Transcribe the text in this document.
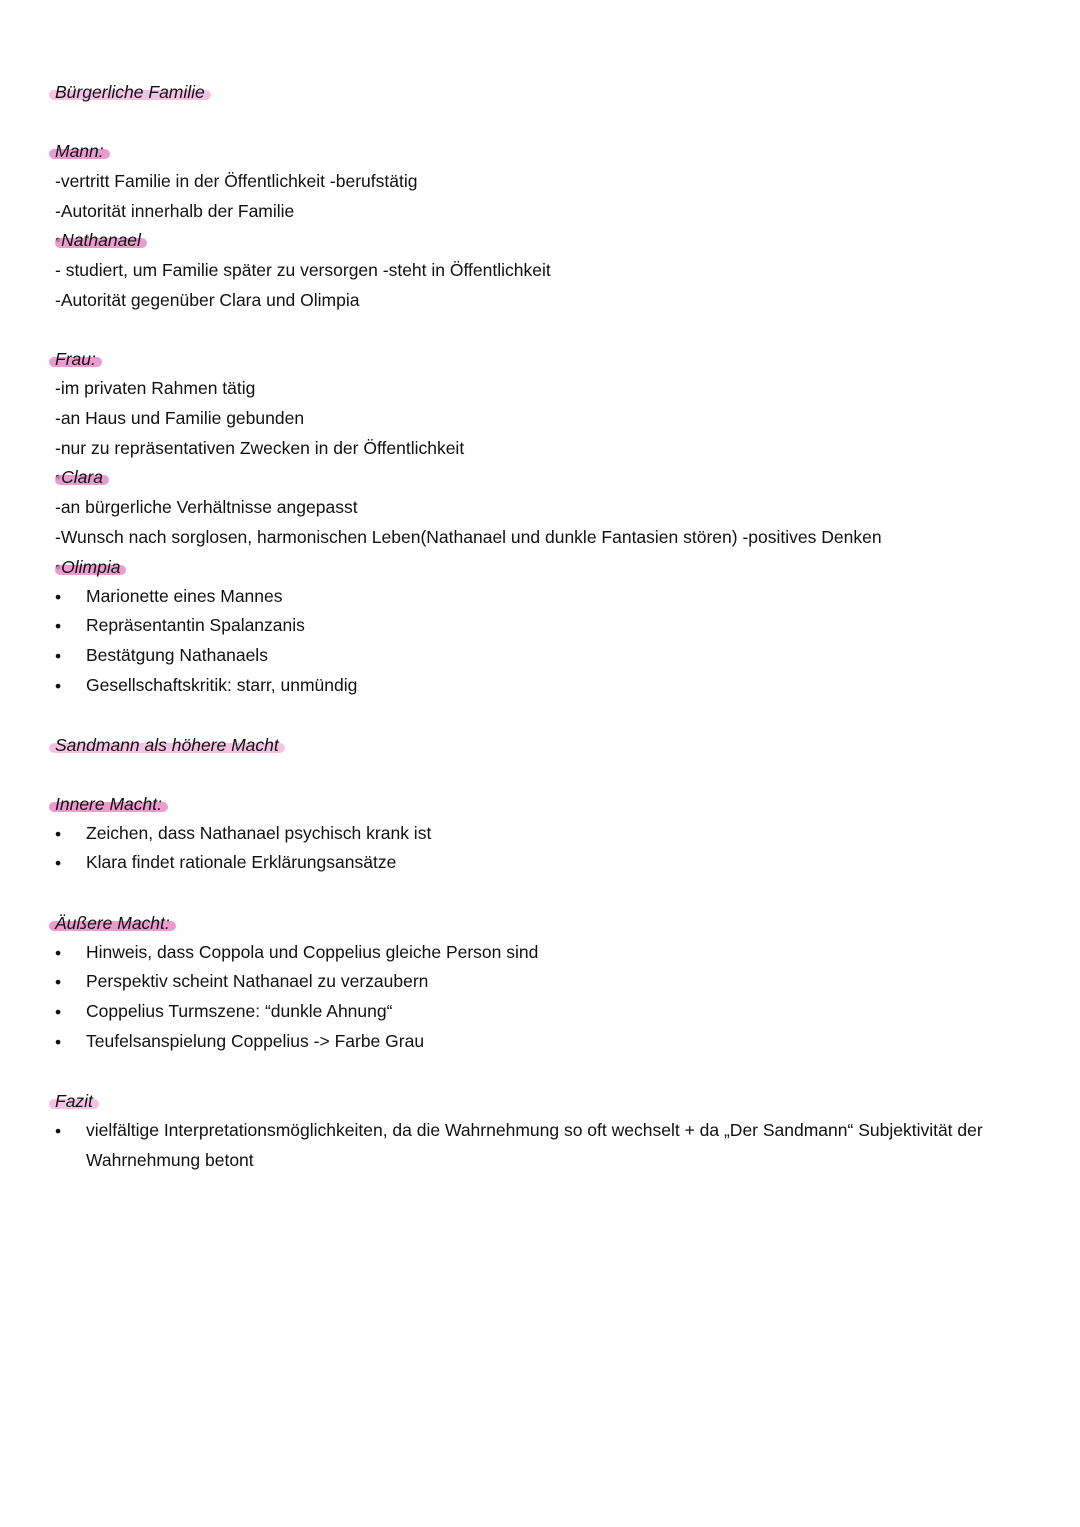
Bürgerliche Familie
Mann:
-vertritt Familie in der Öffentlichkeit -berufstätig
-Autorität innerhalb der Familie
•Nathanael
- studiert, um Familie später zu versorgen -steht in Öffentlichkeit
-Autorität gegenüber Clara und Olimpia
Frau:
-im privaten Rahmen tätig
-an Haus und Familie gebunden
-nur zu repräsentativen Zwecken in der Öffentlichkeit
•Clara
-an bürgerliche Verhältnisse angepasst
-Wunsch nach sorglosen, harmonischen Leben(Nathanael und dunkle Fantasien stören) -positives Denken
•Olimpia
• Marionette eines Mannes
• Repräsentantin Spalanzanis
• Bestätgung Nathanaels
• Gesellschaftskritik: starr, unmündig
Sandmann als höhere Macht
Innere Macht:
• Zeichen, dass Nathanael psychisch krank ist
• Klara findet rationale Erklärungsansätze
Äußere Macht:
• Hinweis, dass Coppola und Coppelius gleiche Person sind
• Perspektiv scheint Nathanael zu verzaubern
• Coppelius Turmszene: “dunkle Ahnung“
• Teufelsanspielung Coppelius -> Farbe Grau
Fazit
• vielfältige Interpretationsmöglichkeiten, da die Wahrnehmung so oft wechselt + da „Der Sandmann“ Subjektivität der Wahrnehmung betont
